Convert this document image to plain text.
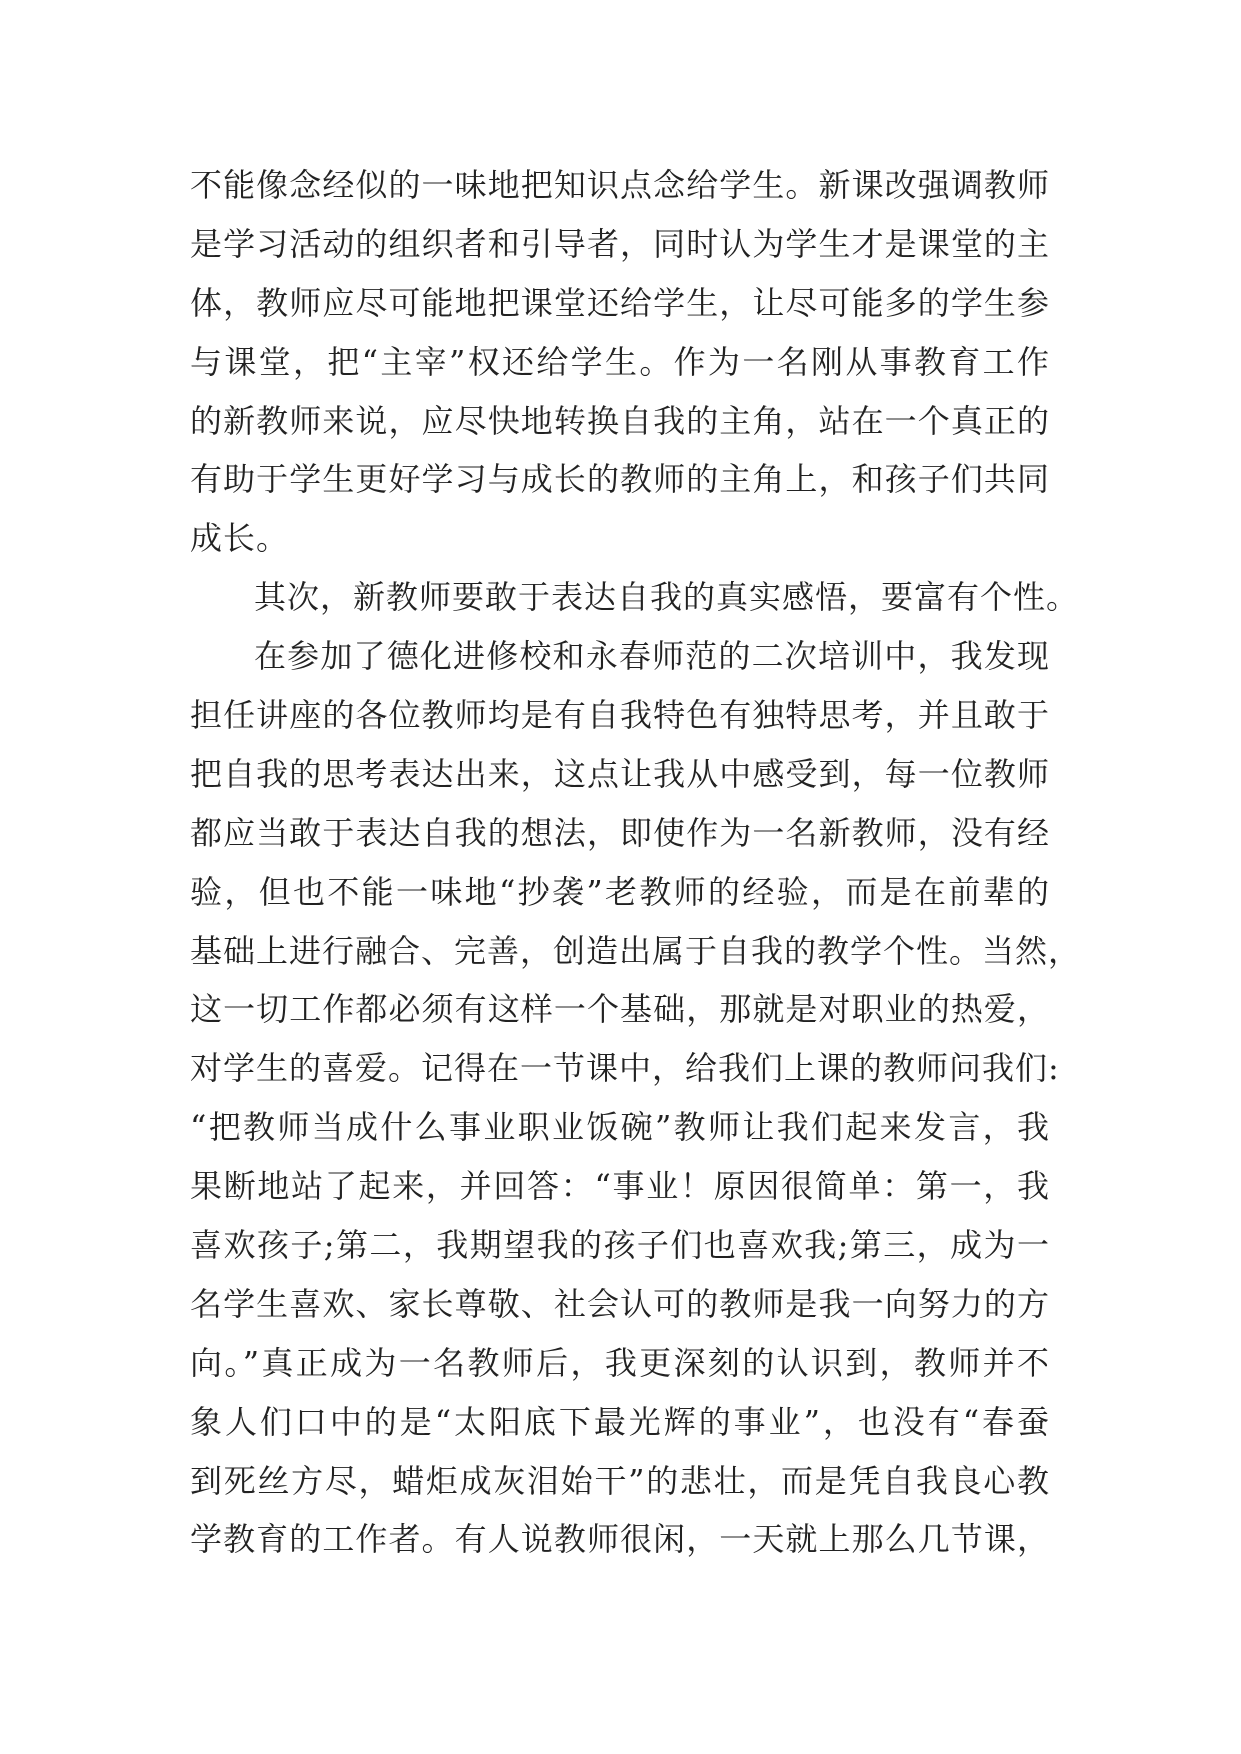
不能像念经似的一味地把知识点念给学生。新课改强调教师
是学习活动的组织者和引导者，同时认为学生才是课堂的主
体，教师应尽可能地把课堂还给学生，让尽可能多的学生参
与课堂，把“主宰”权还给学生。作为一名刚从事教育工作
的新教师来说，应尽快地转换自我的主角，站在一个真正的
有助于学生更好学习与成长的教师的主角上，和孩子们共同
成长。
其次，新教师要敢于表达自我的真实感悟，要富有个性。
在参加了德化进修校和永春师范的二次培训中，我发现
担任讲座的各位教师均是有自我特色有独特思考，并且敢于
把自我的思考表达出来，这点让我从中感受到，每一位教师
都应当敢于表达自我的想法，即使作为一名新教师，没有经
验，但也不能一味地“抄袭”老教师的经验，而是在前辈的
基础上进行融合、完善，创造出属于自我的教学个性。当然，
这一切工作都必须有这样一个基础，那就是对职业的热爱，
对学生的喜爱。记得在一节课中，给我们上课的教师问我们:
“把教师当成什么事业职业饭碗”教师让我们起来发言，我
果断地站了起来，并回答：“事业！原因很简单：第一，我
喜欢孩子;第二，我期望我的孩子们也喜欢我;第三，成为一
名学生喜欢、家长尊敬、社会认可的教师是我一向努力的方
向。”真正成为一名教师后，我更深刻的认识到，教师并不
象人们口中的是“太阳底下最光辉的事业”，也没有“春蚕
到死丝方尽，蜡炬成灰泪始干”的悲壮，而是凭自我良心教
学教育的工作者。有人说教师很闲，一天就上那么几节课，
